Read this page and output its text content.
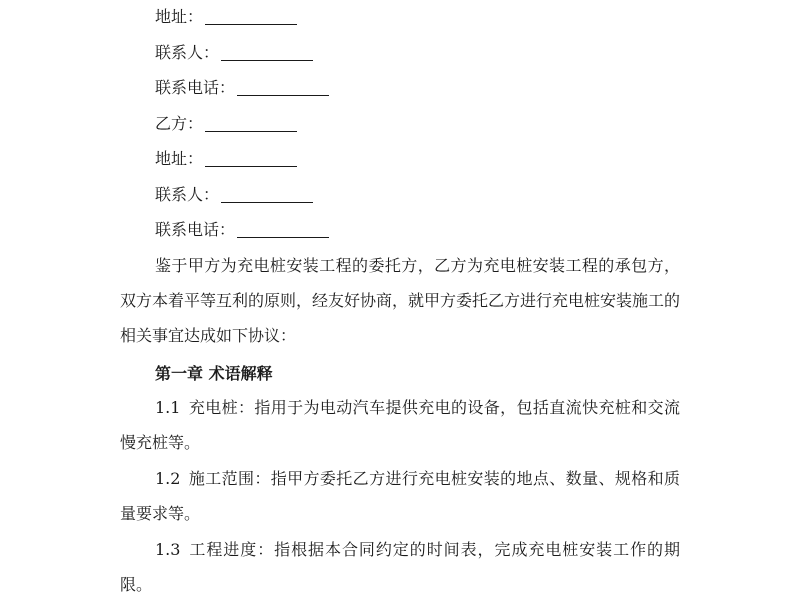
地址：
联系人：
联系电话：
乙方：
地址：
联系人：
联系电话：

鉴于甲方为充电桩安装工程的委托方，乙方为充电桩安装工程的承包方，双方本着平等互利的原则，经友好协商，就甲方委托乙方进行充电桩安装施工的相关事宜达成如下协议：

第一章 术语解释

1.1 充电桩：指用于为电动汽车提供充电的设备，包括直流快充桩和交流慢充桩等。

1.2 施工范围：指甲方委托乙方进行充电桩安装的地点、数量、规格和质量要求等。

1.3 工程进度：指根据本合同约定的时间表，完成充电桩安装工作的期限。
